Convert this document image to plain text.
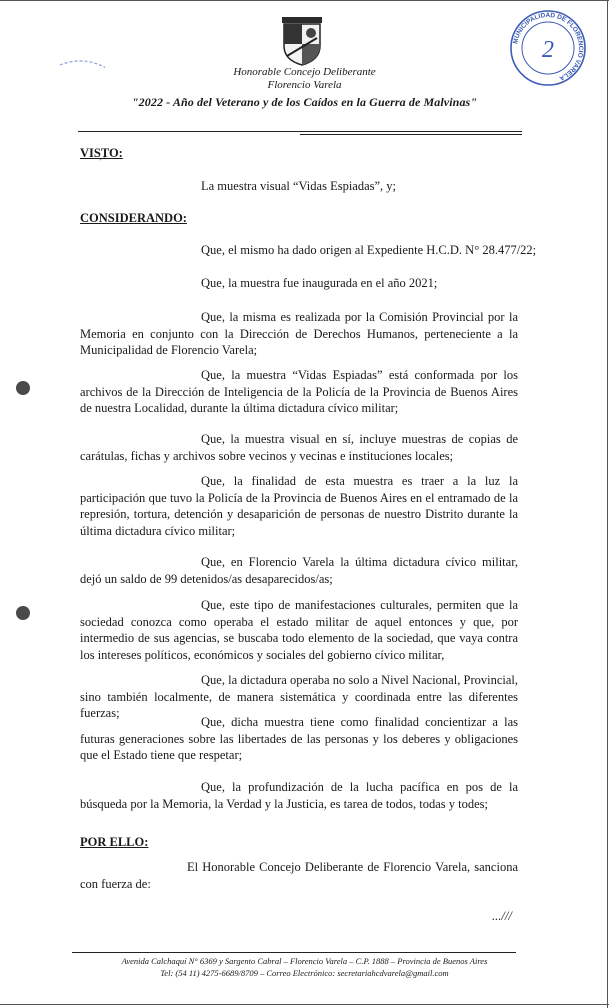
Honorable Concejo Deliberante
Florencio Varela
"2022 - Año del Veterano y de los Caídos en la Guerra de Malvinas"
MUNICIPALIDAD DE FLORENCIO VARELA
2
VISTO:
La muestra visual “Vidas Espiadas”, y;
CONSIDERANDO:
Que, el mismo ha dado origen al Expediente H.C.D. N° 28.477/22;
Que, la muestra fue inaugurada en el año 2021;
Que, la misma es realizada por la Comisión Provincial por la Memoria en conjunto con la Dirección de Derechos Humanos, perteneciente a la Municipalidad de Florencio Varela;
Que, la muestra “Vidas Espiadas” está conformada por los archivos de la Dirección de Inteligencia de la Policía de la Provincia de Buenos Aires de nuestra Localidad, durante la última dictadura cívico militar;
Que, la muestra visual en sí, incluye muestras de copias de carátulas, fichas y archivos sobre vecinos y vecinas e instituciones locales;
Que, la finalidad de esta muestra es traer a la luz la participación que tuvo la Policía de la Provincia de Buenos Aires en el entramado de la represión, tortura, detención y desaparición de personas de nuestro Distrito durante la última dictadura cívico militar;
Que, en Florencio Varela la última dictadura cívico militar, dejó un saldo de 99 detenidos/as desaparecidos/as;
Que, este tipo de manifestaciones culturales, permiten que la sociedad conozca como operaba el estado militar de aquel entonces y que, por intermedio de sus agencias, se buscaba todo elemento de la sociedad, que vaya contra los intereses políticos, económicos y sociales del gobierno cívico militar,
Que, la dictadura operaba no solo a Nivel Nacional, Provincial, sino también localmente, de manera sistemática y coordinada entre las diferentes fuerzas;
Que, dicha muestra tiene como finalidad concientizar a las futuras generaciones sobre las libertades de las personas y los deberes y obligaciones que el Estado tiene que respetar;
Que, la profundización de la lucha pacífica en pos de la búsqueda por la Memoria, la Verdad y la Justicia, es tarea de todos, todas y todes;
POR ELLO:
El Honorable Concejo Deliberante de Florencio Varela, sanciona con fuerza de:
...///
Avenida Calchaquí N° 6369 y Sargento Cabral – Florencio Varela – C.P. 1888 – Provincia de Buenos Aires
Tel: (54 11) 4275-6689/8709 – Correo Electrónico: secretariahcdvarela@gmail.com
